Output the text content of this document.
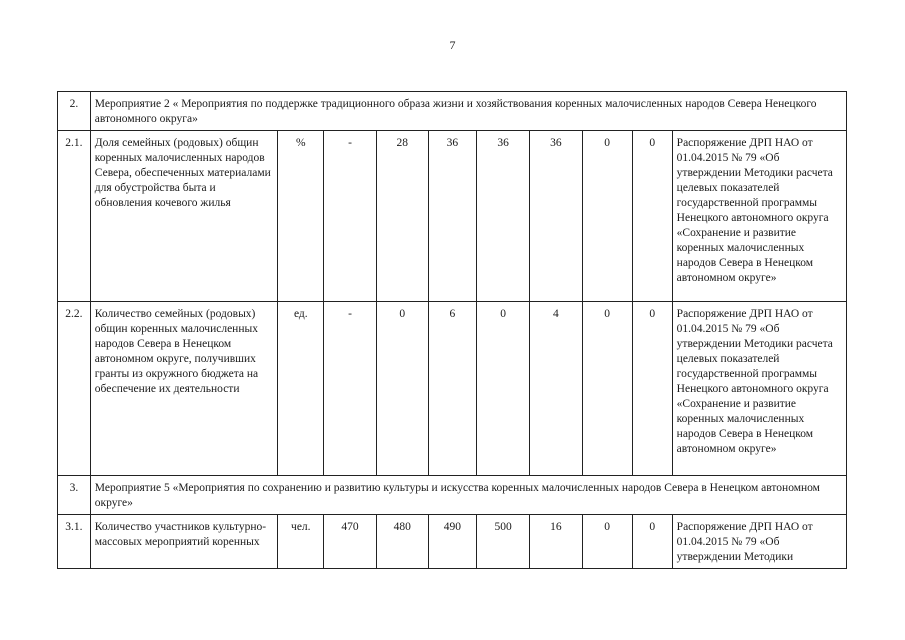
7
2.	Мероприятие 2 « Мероприятия по поддержке традиционного образа жизни и хозяйствования коренных малочисленных народов Севера Ненецкого автономного округа»									
2.1.	Доля семейных (родовых) общин коренных малочисленных народов Севера, обеспеченных материалами для обустройства быта и обновления кочевого жилья	%	-	28	36	36	36	0	0	Распоряжение ДРП НАО от 01.04.2015 № 79 «Об утверждении Методики расчета целевых показателей государственной программы Ненецкого автономного округа «Сохранение и развитие коренных малочисленных народов Севера в Ненецком автономном округе»
2.2.	Количество семейных (родовых) общин коренных малочисленных народов Севера в Ненецком автономном округе, получивших гранты из окружного бюджета на обеспечение их деятельности	ед.	-	0	6	0	4	0	0	Распоряжение ДРП НАО от 01.04.2015 № 79 «Об утверждении Методики расчета целевых показателей государственной программы Ненецкого автономного округа «Сохранение и развитие коренных малочисленных народов Севера в Ненецком автономном округе»
3.	Мероприятие 5 «Мероприятия по сохранению и развитию культуры и искусства коренных малочисленных народов Севера в Ненецком автономном округе»									
3.1.	Количество участников культурно-массовых мероприятий коренных	чел.	470	480	490	500	16	0	0	Распоряжение ДРП НАО от 01.04.2015 № 79 «Об утверждении Методики
